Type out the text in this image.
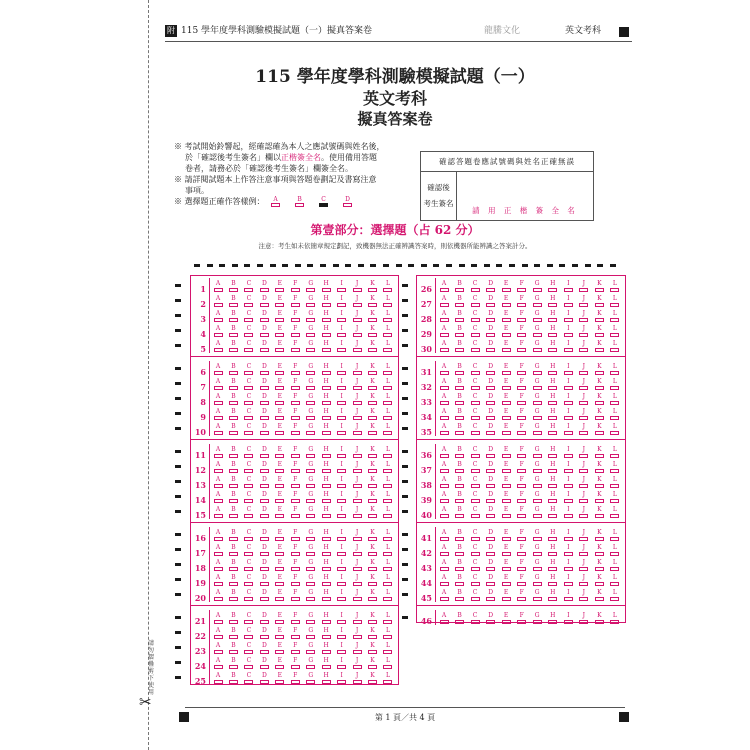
✂
請勿摺疊剪下使用
附 115 學年度學科測驗模擬試題（一）擬真答案卷	龍騰文化	英文考科
115 學年度學科測驗模擬試題（一）
英文考科
擬真答案卷

※ 考試開始鈴響起，經確認確為本人之應試號碼與姓名後，

於「確認後考生簽名」欄以正楷簽全名。使用備用答題

卷者，請務必於「確認後考生簽名」欄簽全名。

※ 請詳閱試題本上作答注意事項與答題卷劃記及書寫注意

事項。

※ 選擇題正確作答樣例： A	B	C	D
確認答題卷應試號碼與姓名正確無誤
確認後
考生簽名
請 用 正 楷 簽 全 名
第壹部分：選擇題（占 62 分）
注意：考生如未依簡章規定劃記，致機器無法正確辨識答案時，則依機器所能辨識之答案計分。
1
A B C D E F G H I J K L
2
A B C D E F G H I J K L
3
A B C D E F G H I J K L
4
A B C D E F G H I J K L
5
A B C D E F G H I J K L
6
A B C D E F G H I J K L
7
A B C D E F G H I J K L
8
A B C D E F G H I J K L
9
A B C D E F G H I J K L
10
A B C D E F G H I J K L
11
A B C D E F G H I J K L
12
A B C D E F G H I J K L
13
A B C D E F G H I J K L
14
A B C D E F G H I J K L
15
A B C D E F G H I J K L
16
A B C D E F G H I J K L
17
A B C D E F G H I J K L
18
A B C D E F G H I J K L
19
A B C D E F G H I J K L
20
A B C D E F G H I J K L
21
A B C D E F G H I J K L
22
A B C D E F G H I J K L
23
A B C D E F G H I J K L
24
A B C D E F G H I J K L
25
A B C D E F G H I J K L
26
A B C D E F G H I J K L
27
A B C D E F G H I J K L
28
A B C D E F G H I J K L
29
A B C D E F G H I J K L
30
A B C D E F G H I J K L
31
A B C D E F G H I J K L
32
A B C D E F G H I J K L
33
A B C D E F G H I J K L
34
A B C D E F G H I J K L
35
A B C D E F G H I J K L
36
A B C D E F G H I J K L
37
A B C D E F G H I J K L
38
A B C D E F G H I J K L
39
A B C D E F G H I J K L
40
A B C D E F G H I J K L
41
A B C D E F G H I J K L
42
A B C D E F G H I J K L
43
A B C D E F G H I J K L
44
A B C D E F G H I J K L
45
A B C D E F G H I J K L
46
A B C D E F G H I J K L
第 1 頁／共 4 頁
